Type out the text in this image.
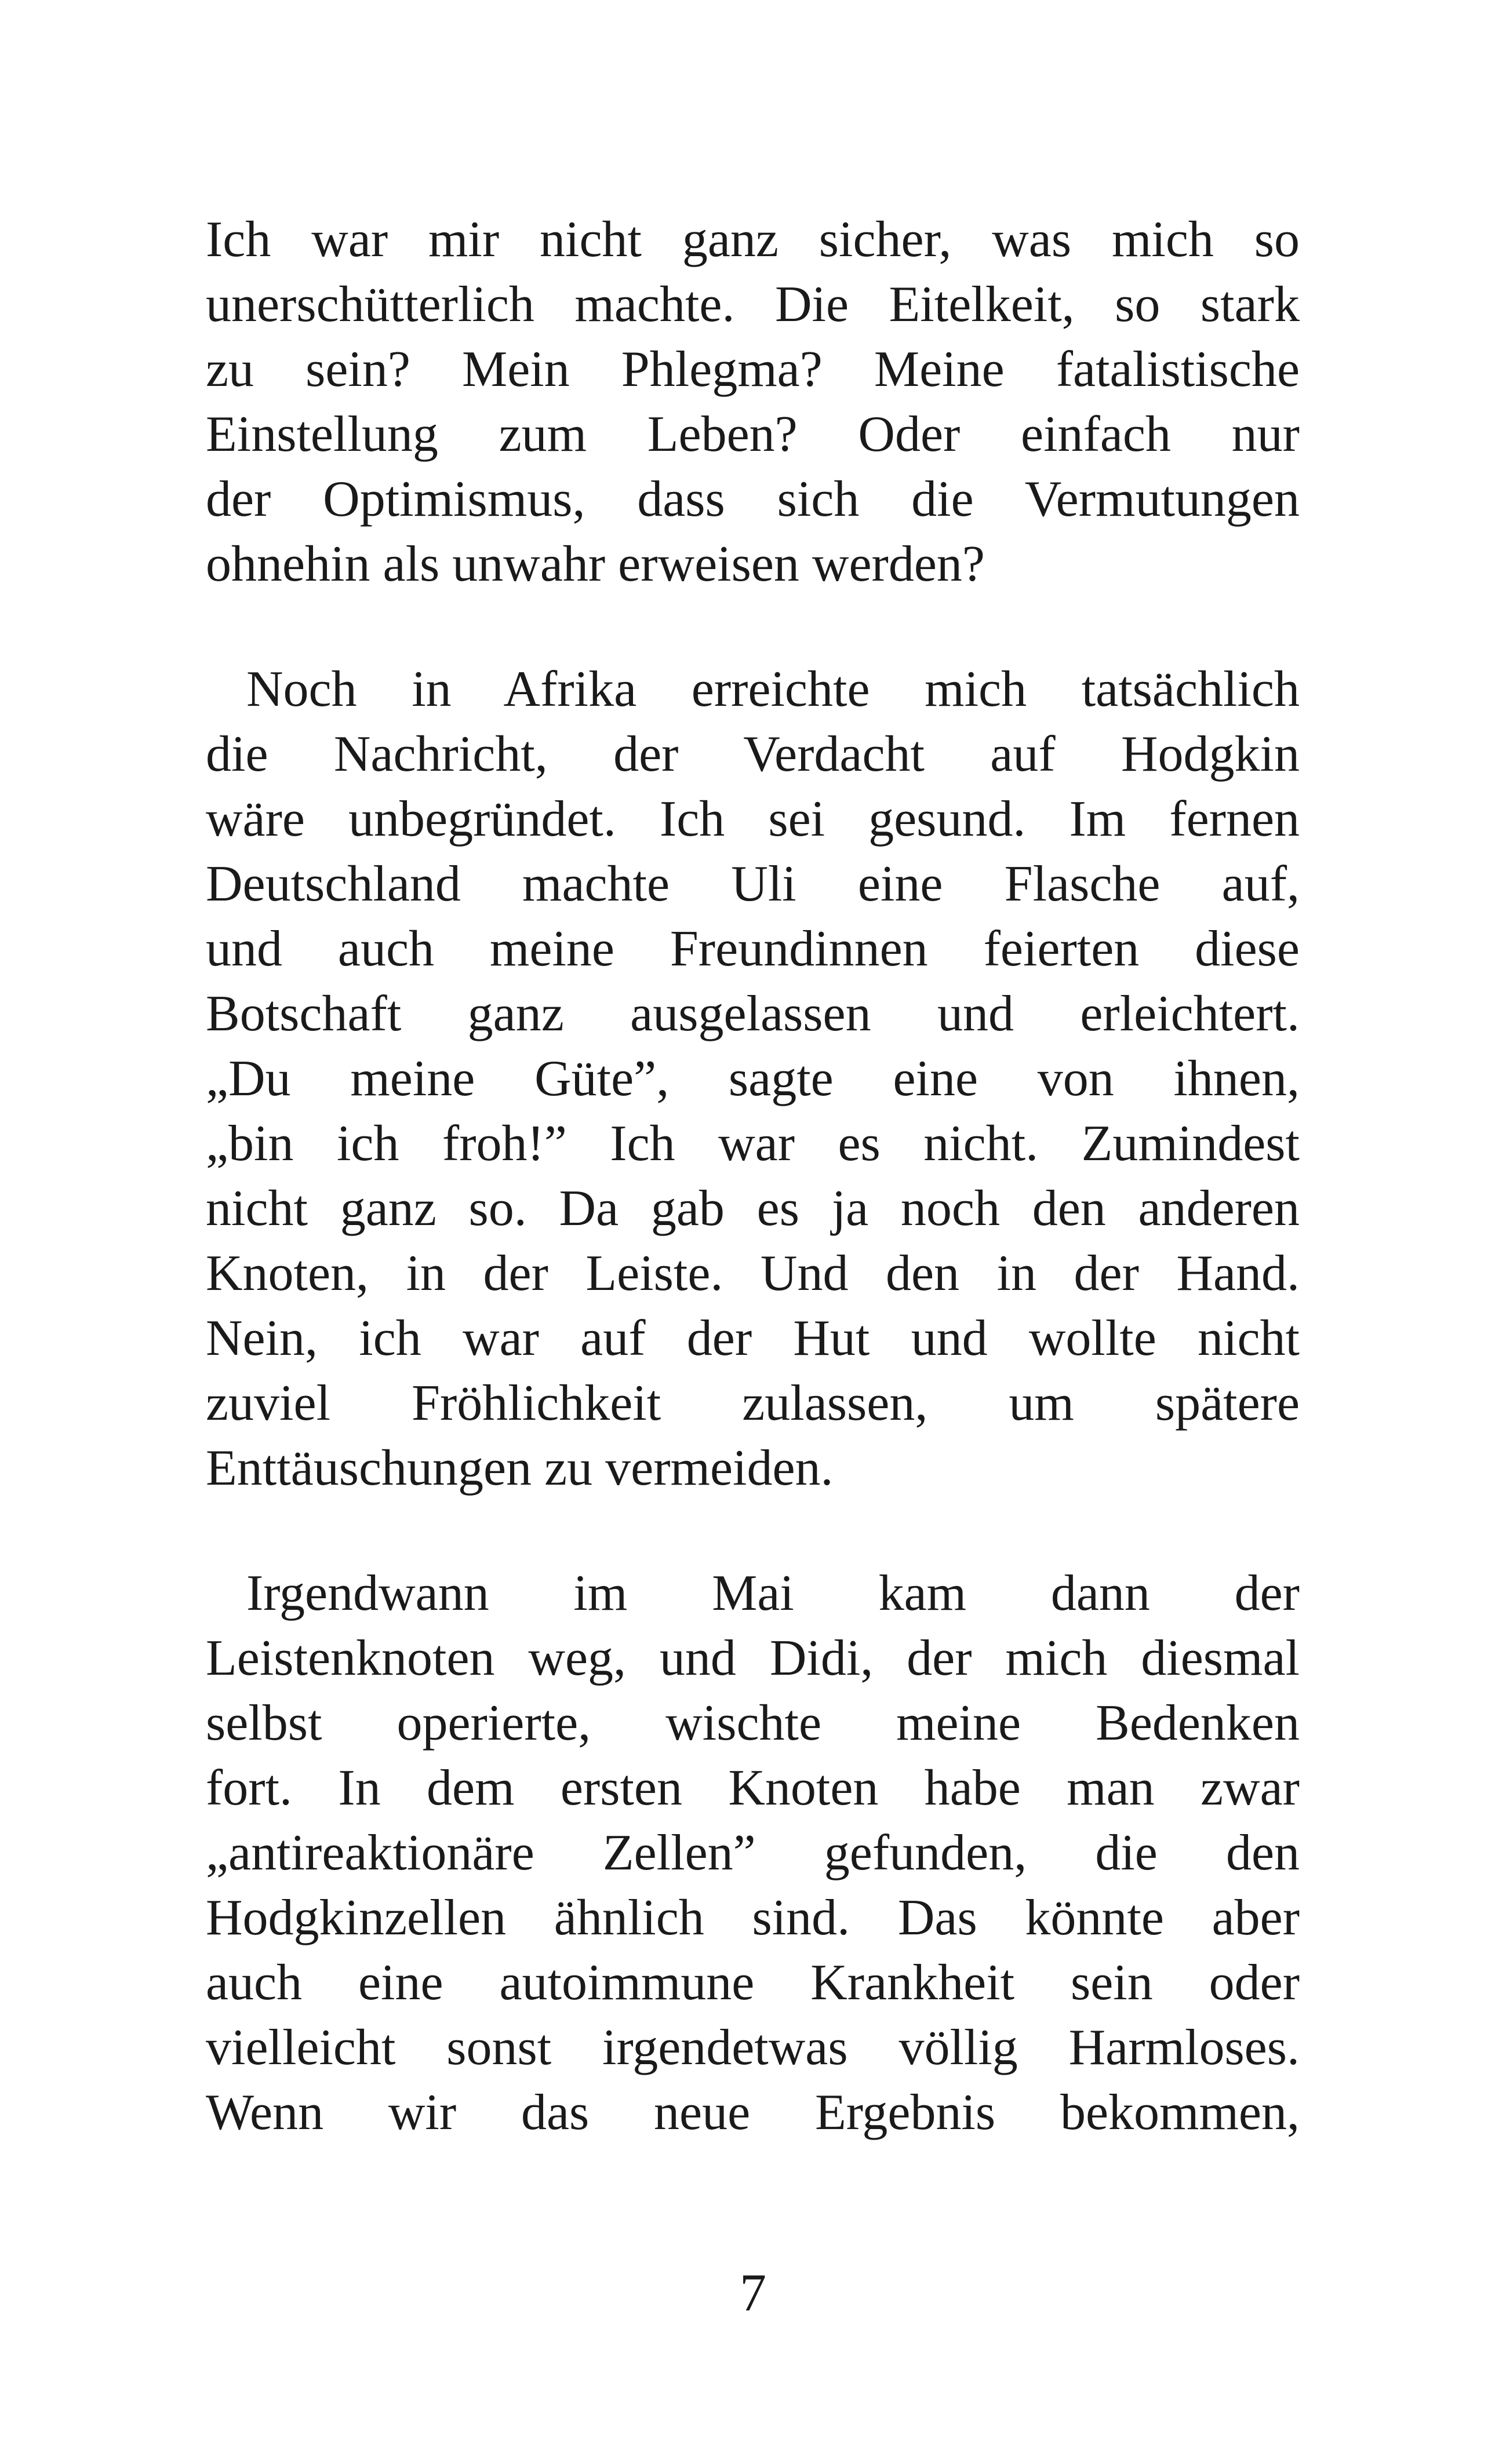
Ich war mir nicht ganz sicher, was mich so
unerschütterlich machte. Die Eitelkeit, so stark
zu sein? Mein Phlegma? Meine fatalistische
Einstellung zum Leben? Oder einfach nur
der Optimismus, dass sich die Vermutungen
ohnehin als unwahr erweisen werden?
Noch in Afrika erreichte mich tatsächlich
die Nachricht, der Verdacht auf Hodgkin
wäre unbegründet. Ich sei gesund. Im fernen
Deutschland machte Uli eine Flasche auf,
und auch meine Freundinnen feierten diese
Botschaft ganz ausgelassen und erleichtert.
„Du meine Güte”, sagte eine von ihnen,
„bin ich froh!” Ich war es nicht. Zumindest
nicht ganz so. Da gab es ja noch den anderen
Knoten, in der Leiste. Und den in der Hand.
Nein, ich war auf der Hut und wollte nicht
zuviel Fröhlichkeit zulassen, um spätere
Enttäuschungen zu vermeiden.
Irgendwann im Mai kam dann der
Leistenknoten weg, und Didi, der mich diesmal
selbst operierte, wischte meine Bedenken
fort. In dem ersten Knoten habe man zwar
„antireaktionäre Zellen” gefunden, die den
Hodgkinzellen ähnlich sind. Das könnte aber
auch eine autoimmune Krankheit sein oder
vielleicht sonst irgendetwas völlig Harmloses.
Wenn wir das neue Ergebnis bekommen,
7
